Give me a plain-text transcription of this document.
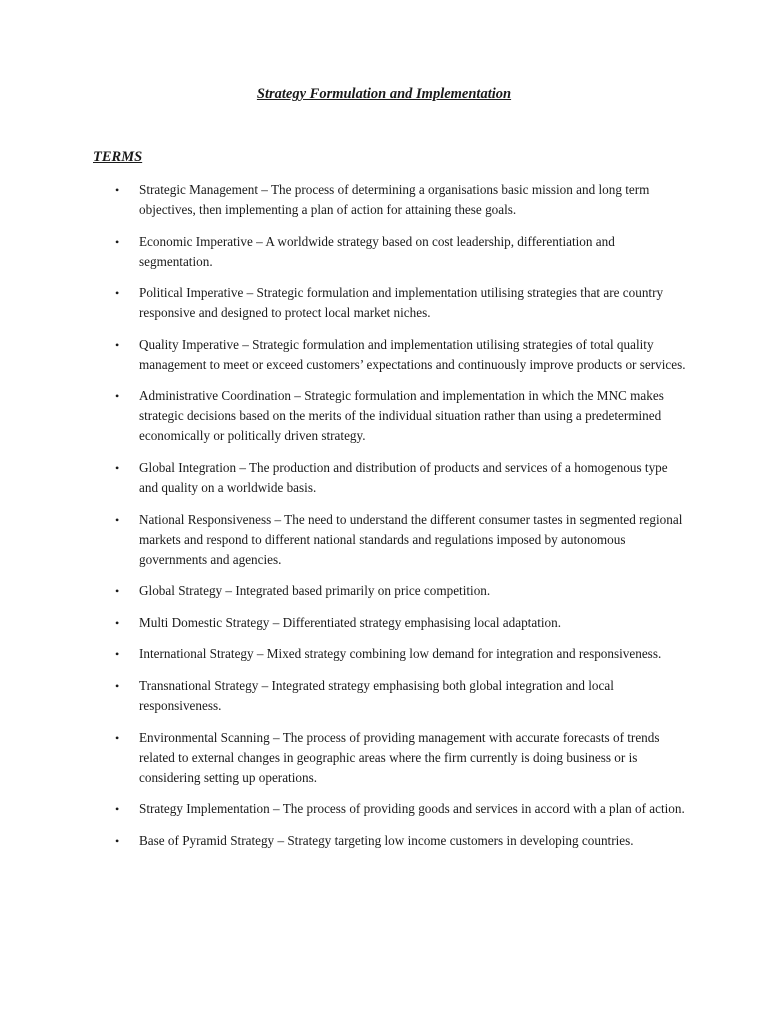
Strategy Formulation and Implementation
TERMS
• Strategic Management – The process of determining a organisations basic mission and long term objectives, then implementing a plan of action for attaining these goals.
• Economic Imperative – A worldwide strategy based on cost leadership, differentiation and segmentation.
• Political Imperative – Strategic formulation and implementation utilising strategies that are country responsive and designed to protect local market niches.
• Quality Imperative – Strategic formulation and implementation utilising strategies of total quality management to meet or exceed customers’ expectations and continuously improve products or services.
• Administrative Coordination – Strategic formulation and implementation in which the MNC makes strategic decisions based on the merits of the individual situation rather than using a predetermined economically or politically driven strategy.
• Global Integration – The production and distribution of products and services of a homogenous type and quality on a worldwide basis.
• National Responsiveness – The need to understand the different consumer tastes in segmented regional markets and respond to different national standards and regulations imposed by autonomous governments and agencies.
• Global Strategy – Integrated based primarily on price competition.
• Multi Domestic Strategy – Differentiated strategy emphasising local adaptation.
• International Strategy – Mixed strategy combining low demand for integration and responsiveness.
• Transnational Strategy – Integrated strategy emphasising both global integration and local responsiveness.
• Environmental Scanning – The process of providing management with accurate forecasts of trends related to external changes in geographic areas where the firm currently is doing business or is considering setting up operations.
• Strategy Implementation – The process of providing goods and services in accord with a plan of action.
• Base of Pyramid Strategy – Strategy targeting low income customers in developing countries.
